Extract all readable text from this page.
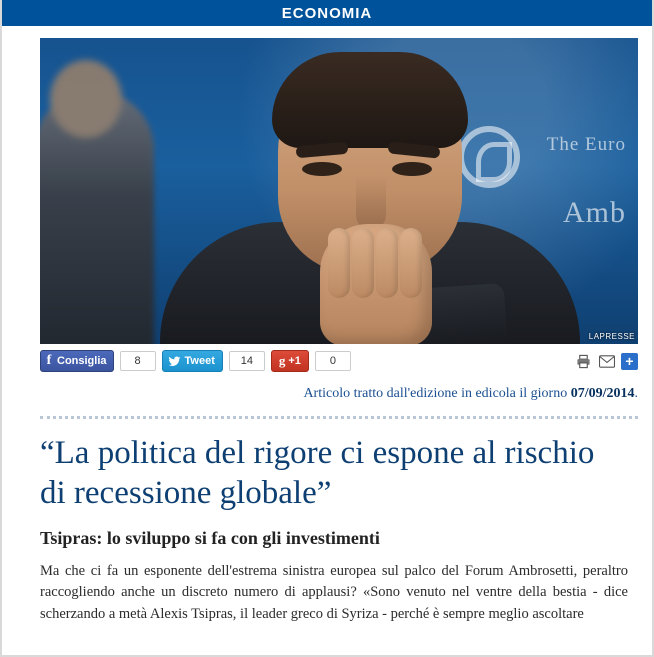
ECONOMIA
The Euro
Amb
LAPRESSE
f Consiglia	8	Tweet	14	g +1	0	+
Articolo tratto dall'edizione in edicola il giorno 07/09/2014.
“La politica del rigore ci espone al rischio di recessione globale”
Tsipras: lo sviluppo si fa con gli investimenti

Ma che ci fa un esponente dell'estrema sinistra europea sul palco del Forum Ambrosetti, peraltro raccogliendo anche un discreto numero di applausi? «Sono venuto nel ventre della bestia - dice scherzando a metà Alexis Tsipras, il leader greco di Syriza - perché è sempre meglio ascoltare
